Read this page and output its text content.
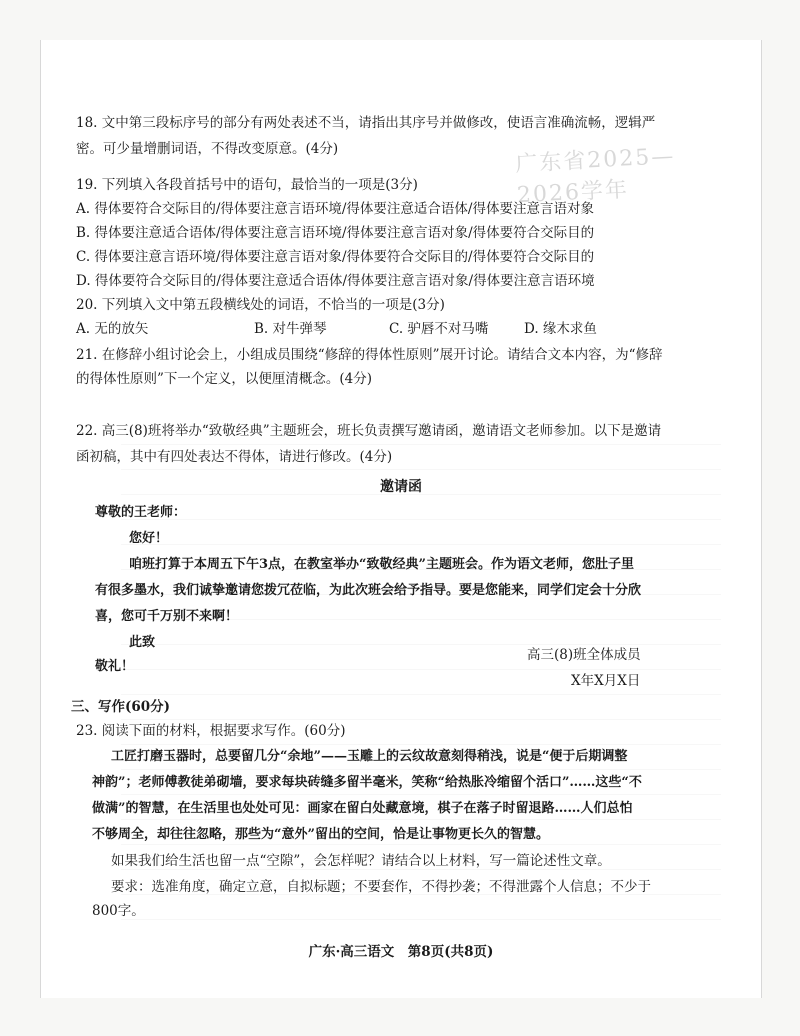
广东省2025—2026学年
18. 文中第三段标序号的部分有两处表述不当，请指出其序号并做修改，使语言准确流畅，逻辑严
密。可少量增删词语，不得改变原意。(4分)
19. 下列填入各段首括号中的语句，最恰当的一项是(3分)
A. 得体要符合交际目的/得体要注意言语环境/得体要注意适合语体/得体要注意言语对象
B. 得体要注意适合语体/得体要注意言语环境/得体要注意言语对象/得体要符合交际目的
C. 得体要注意言语环境/得体要注意言语对象/得体要符合交际目的/得体要符合交际目的
D. 得体要符合交际目的/得体要注意适合语体/得体要注意言语对象/得体要注意言语环境
20. 下列填入文中第五段横线处的词语，不恰当的一项是(3分)
A. 无的放矢	B. 对牛弹琴	C. 驴唇不对马嘴	D. 缘木求鱼
21. 在修辞小组讨论会上，小组成员围绕“修辞的得体性原则”展开讨论。请结合文本内容，为“修辞
的得体性原则”下一个定义，以便厘清概念。(4分)
22. 高三(8)班将举办“致敬经典”主题班会，班长负责撰写邀请函，邀请语文老师参加。以下是邀请
函初稿，其中有四处表达不得体，请进行修改。(4分)
邀请函
尊敬的王老师：
您好！
咱班打算于本周五下午3点，在教室举办“致敬经典”主题班会。作为语文老师，您肚子里
有很多墨水，我们诚挚邀请您拨冗莅临，为此次班会给予指导。要是您能来，同学们定会十分欣
喜，您可千万别不来啊！
此致
敬礼！
高三(8)班全体成员
X年X月X日
三、写作(60分)
23. 阅读下面的材料，根据要求写作。(60分)
工匠打磨玉器时，总要留几分“余地”——玉雕上的云纹故意刻得稍浅，说是“便于后期调整
神韵”；老师傅教徒弟砌墙，要求每块砖缝多留半毫米，笑称“给热胀冷缩留个活口”……这些“不
做满”的智慧，在生活里也处处可见：画家在留白处藏意境，棋子在落子时留退路……人们总怕
不够周全，却往往忽略，那些为“意外”留出的空间，恰是让事物更长久的智慧。
如果我们给生活也留一点“空隙”，会怎样呢？请结合以上材料，写一篇论述性文章。
要求：选准角度，确定立意，自拟标题；不要套作，不得抄袭；不得泄露个人信息；不少于
800字。
广东·高三语文　第8页(共8页)
